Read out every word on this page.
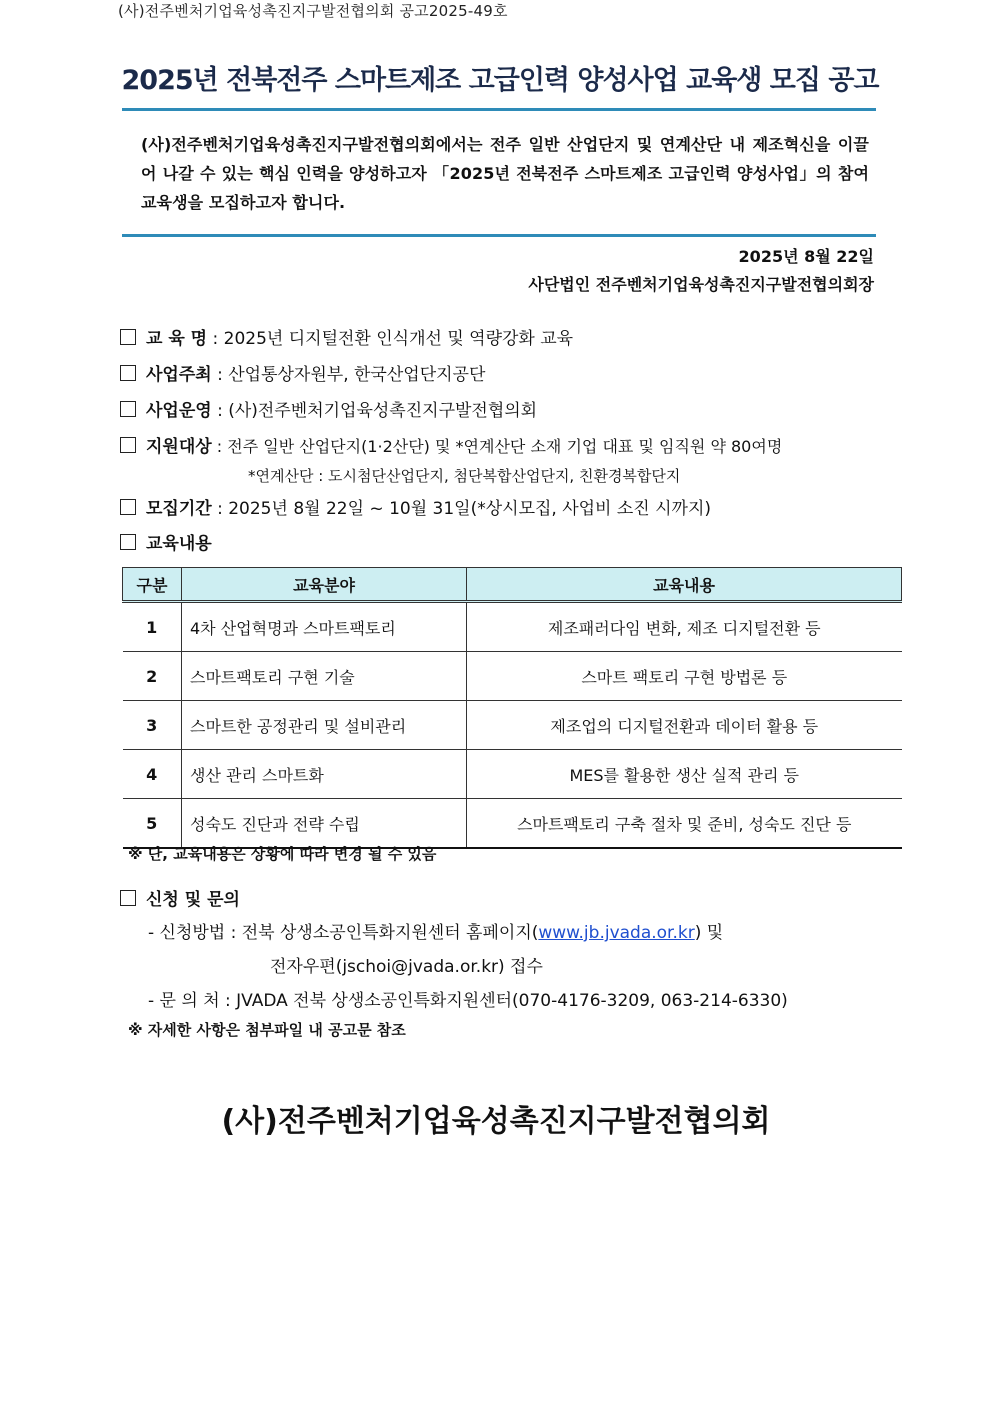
(사)전주벤처기업육성촉진지구발전협의회 공고2025-49호
2025년 전북전주 스마트제조 고급인력 양성사업 교육생 모집 공고
(사)전주벤처기업육성촉진지구발전협의회에서는 전주 일반 산업단지 및 연계산단 내 제조혁신을 이끌어 나갈 수 있는 핵심 인력을 양성하고자 「2025년 전북전주 스마트제조 고급인력 양성사업」의 참여 교육생을 모집하고자 합니다.
2025년 8월 22일
사단법인 전주벤처기업육성촉진지구발전협의회장
교 육 명 : 2025년 디지털전환 인식개선 및 역량강화 교육
사업주최 : 산업통상자원부, 한국산업단지공단
사업운영 : (사)전주벤처기업육성촉진지구발전협의회
지원대상 : 전주 일반 산업단지(1·2산단) 및 *연계산단 소재 기업 대표 및 임직원 약 80여명
*연계산단 : 도시첨단산업단지, 첨단복합산업단지, 친환경복합단지
모집기간 : 2025년 8월 22일 ~ 10월 31일(*상시모집, 사업비 소진 시까지)
교육내용
구분	교육분야	교육내용
1	4차 산업혁명과 스마트팩토리	제조패러다임 변화, 제조 디지털전환 등
2	스마트팩토리 구현 기술	스마트 팩토리 구현 방법론 등
3	스마트한 공정관리 및 설비관리	제조업의 디지털전환과 데이터 활용 등
4	생산 관리 스마트화	MES를 활용한 생산 실적 관리 등
5	성숙도 진단과 전략 수립	스마트팩토리 구축 절차 및 준비, 성숙도 진단 등
※ 단, 교육내용은 상황에 따라 변경 될 수 있음
신청 및 문의
- 신청방법 : 전북 상생소공인특화지원센터 홈페이지(www.jb.jvada.or.kr) 및
전자우편(jschoi@jvada.or.kr) 접수
- 문 의 처 : JVADA 전북 상생소공인특화지원센터(070-4176-3209, 063-214-6330)
※ 자세한 사항은 첨부파일 내 공고문 참조
(사)전주벤처기업육성촉진지구발전협의회
